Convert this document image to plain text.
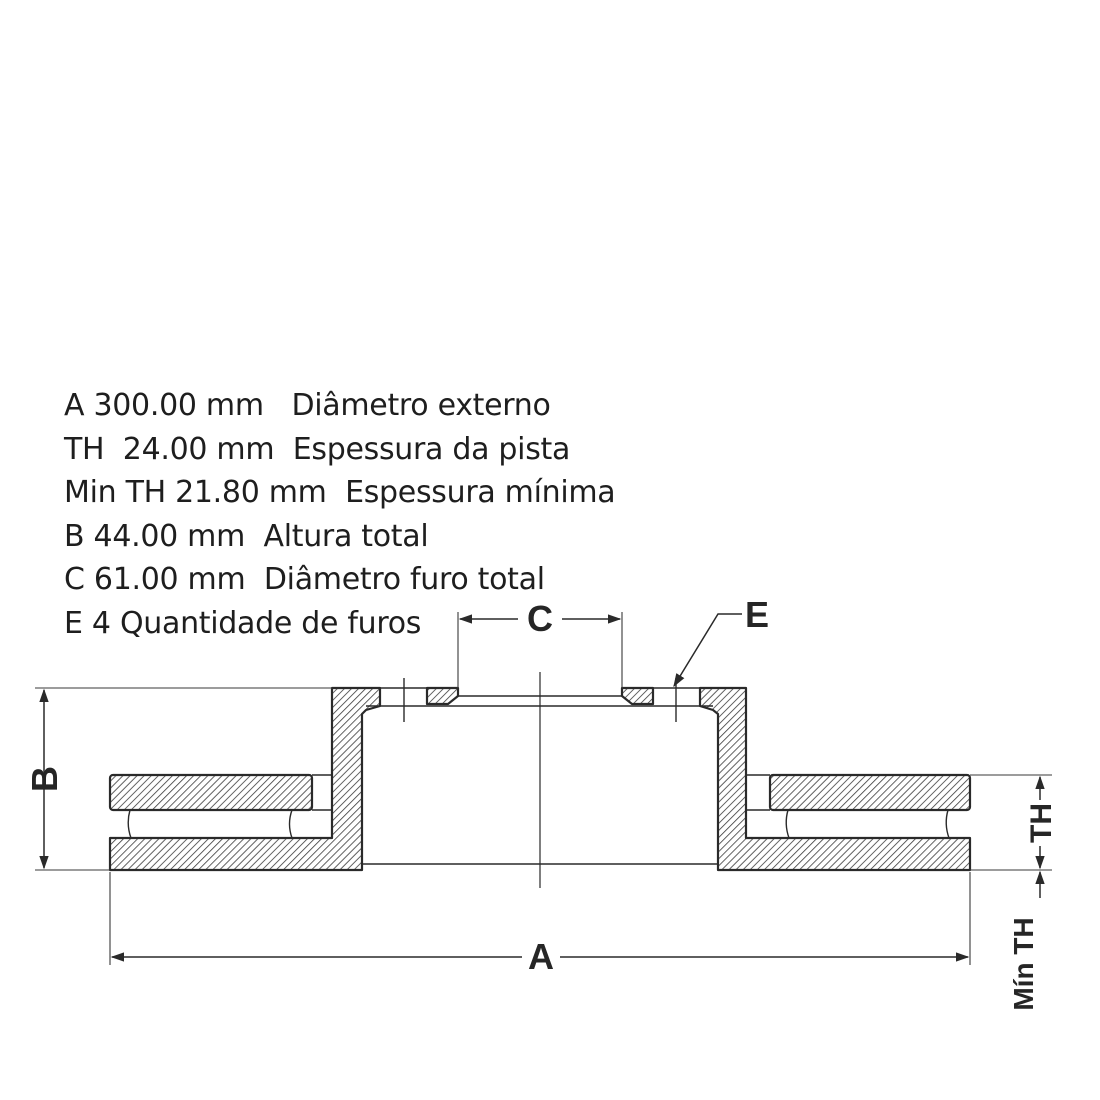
A 300.00 mm Diâmetro externo
TH 24.00 mm Espessura da pista
Min TH 21.80 mm Espessura mínima
B 44.00 mm Altura total
C 61.00 mm Diâmetro furo total
E 4 Quantidade de furos
A
C	E
B
TH
Mín TH
